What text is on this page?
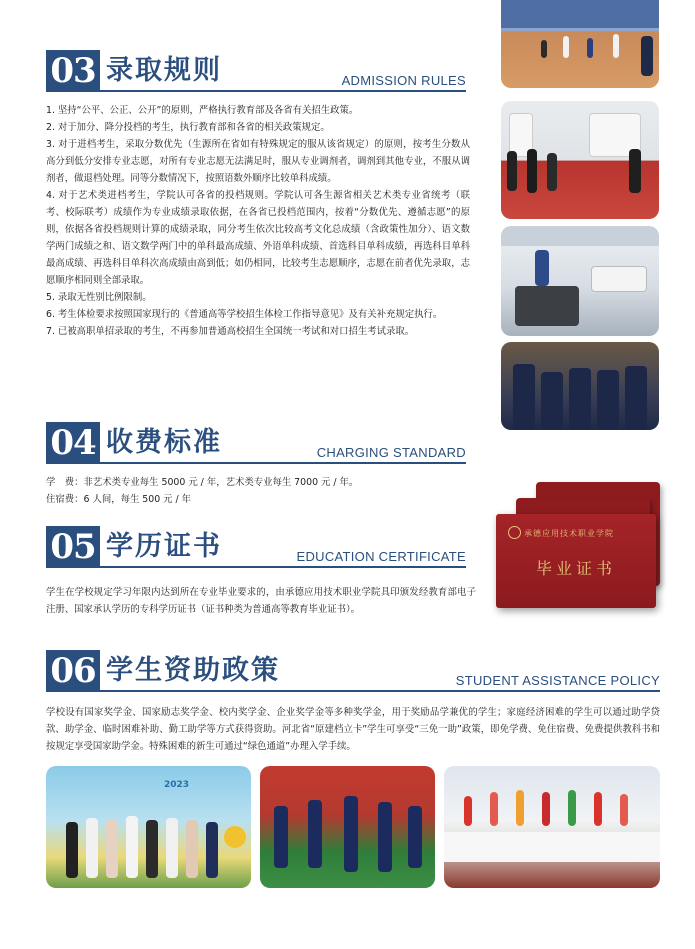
03 录取规则	ADMISSION RULES

1. 坚持“公平、公正、公开”的原则，严格执行教育部及各省有关招生政策。

2. 对于加分、降分投档的考生，执行教育部和各省的相关政策规定。

3. 对于进档考生，采取分数优先（生源所在省如有特殊规定的服从该省规定）的原则，按考生分数从高分到低分安排专业志愿，对所有专业志愿无法满足时，服从专业调剂者，调剂到其他专业，不服从调剂者，做退档处理。同等分数情况下，按照语数外顺序比较单科成绩。

4. 对于艺术类进档考生，学院认可各省的投档规则。学院认可各生源省相关艺术类专业省统考（联考、校际联考）成绩作为专业成绩录取依据，在各省已投档范围内，按着“分数优先、遵循志愿”的原则，依据各省投档规则计算的成绩录取，同分考生依次比较高考文化总成绩（含政策性加分）、语文数学两门成绩之和、语文数学两门中的单科最高成绩、外语单科成绩、首选科目单科成绩，再选科目单科最高成绩、再选科目单科次高成绩由高到低；如仍相同，比较考生志愿顺序，志愿在前者优先录取，志愿顺序相同则全部录取。

5. 录取无性别比例限制。

6. 考生体检要求按照国家现行的《普通高等学校招生体检工作指导意见》及有关补充规定执行。

7. 已被高职单招录取的考生，不再参加普通高校招生全国统一考试和对口招生考试录取。

04 收费标准	CHARGING STANDARD

学　费：非艺术类专业每生 5000 元 / 年，艺术类专业每生 7000 元 / 年。

住宿费：6 人间，每生 500 元 / 年

承德应用技术职业学院
毕业证书
05 学历证书	EDUCATION CERTIFICATE

学生在学校规定学习年限内达到所在专业毕业要求的，由承德应用技术职业学院具印颁发经教育部电子注册、国家承认学历的专科学历证书（证书种类为普通高等教育毕业证书）。

06 学生资助政策	STUDENT ASSISTANCE POLICY

学校设有国家奖学金、国家励志奖学金、校内奖学金、企业奖学金等多种奖学金，用于奖励品学兼优的学生；家庭经济困难的学生可以通过助学贷款、助学金、临时困难补助、勤工助学等方式获得资助。河北省“原建档立卡”学生可享受“三免一助”政策，即免学费、免住宿费、免费提供教科书和按规定享受国家助学金。特殊困难的新生可通过“绿色通道”办理入学手续。

2023
